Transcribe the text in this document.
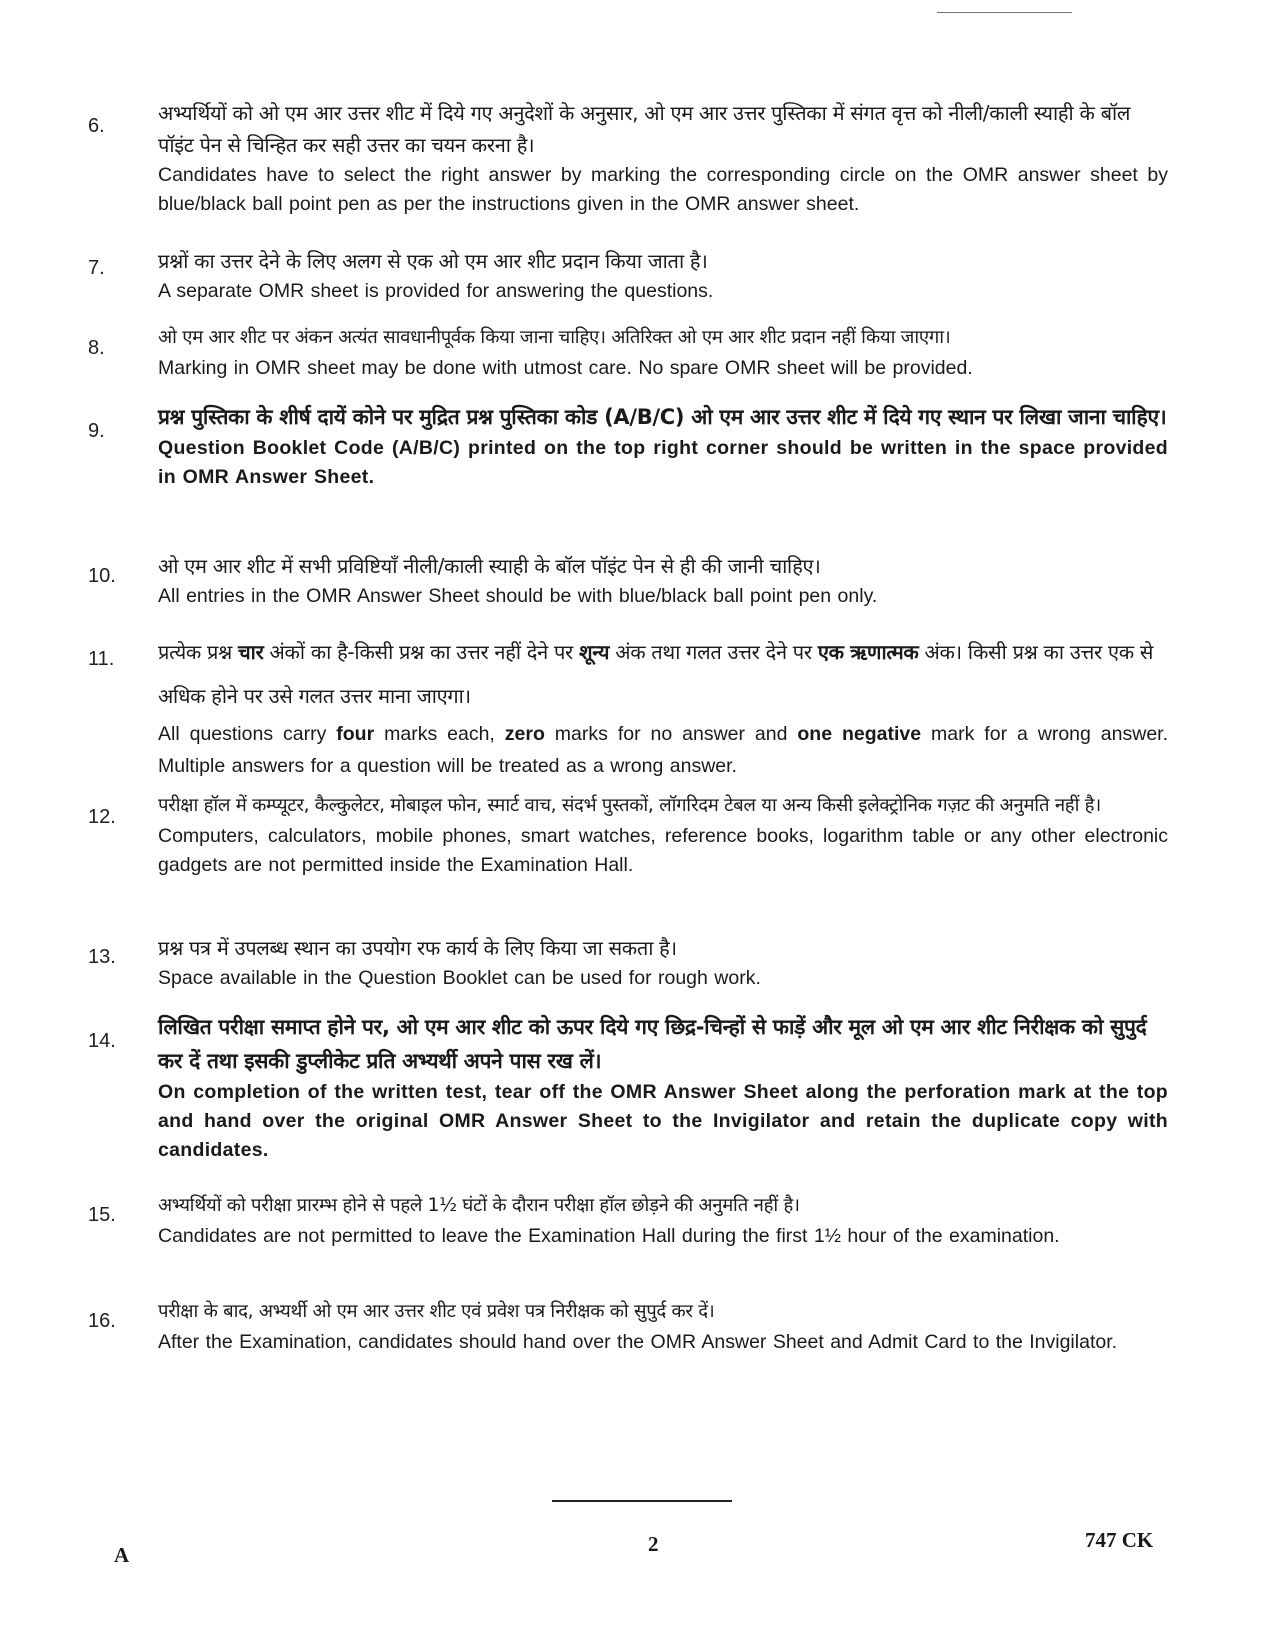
6.
अभ्यर्थियों को ओ एम आर उत्तर शीट में दिये गए अनुदेशों के अनुसार, ओ एम आर उत्तर पुस्तिका में संगत वृत्त को नीली/काली स्याही के बॉल पॉइंट पेन से चिन्हित कर सही उत्तर का चयन करना है।
Candidates have to select the right answer by marking the corresponding circle on the OMR answer sheet by blue/black ball point pen as per the instructions given in the OMR answer sheet.
7.	प्रश्नों का उत्तर देने के लिए अलग से एक ओ एम आर शीट प्रदान किया जाता है।
A separate OMR sheet is provided for answering the questions.
8.	ओ एम आर शीट पर अंकन अत्यंत सावधानीपूर्वक किया जाना चाहिए। अतिरिक्त ओ एम आर शीट प्रदान नहीं किया जाएगा।
Marking in OMR sheet may be done with utmost care. No spare OMR sheet will be provided.
9.
प्रश्न पुस्तिका के शीर्ष दायें कोने पर मुद्रित प्रश्न पुस्तिका कोड (A/B/C) ओ एम आर उत्तर शीट में दिये गए स्थान पर लिखा जाना चाहिए।
Question Booklet Code (A/B/C) printed on the top right corner should be written in the space provided in OMR Answer Sheet.
10. ओ एम आर शीट में सभी प्रविष्टियाँ नीली/काली स्याही के बॉल पॉइंट पेन से ही की जानी चाहिए।
All entries in the OMR Answer Sheet should be with blue/black ball point pen only.
11. प्रत्येक प्रश्न चार अंकों का है-किसी प्रश्न का उत्तर नहीं देने पर शून्य अंक तथा गलत उत्तर देने पर एक ऋणात्मक अंक। किसी प्रश्न का उत्तर एक से अधिक होने पर उसे गलत उत्तर माना जाएगा।
All questions carry four marks each, zero marks for no answer and one negative mark for a wrong answer. Multiple answers for a question will be treated as a wrong answer.
12.
परीक्षा हॉल में कम्प्यूटर, कैल्कुलेटर, मोबाइल फोन, स्मार्ट वाच, संदर्भ पुस्तकों, लॉगरिदम टेबल या अन्य किसी इलेक्ट्रोनिक गज़ट की अनुमति नहीं है।
Computers, calculators, mobile phones, smart watches, reference books, logarithm table or any other electronic gadgets are not permitted inside the Examination Hall.
13. प्रश्न पत्र में उपलब्ध स्थान का उपयोग रफ कार्य के लिए किया जा सकता है।
Space available in the Question Booklet can be used for rough work.
14.
लिखित परीक्षा समाप्त होने पर, ओ एम आर शीट को ऊपर दिये गए छिद्र-चिन्हों से फाड़ें और मूल ओ एम आर शीट निरीक्षक को सुपुर्द कर दें तथा इसकी डुप्लीकेट प्रति अभ्यर्थी अपने पास रख लें।
On completion of the written test, tear off the OMR Answer Sheet along the perforation mark at the top and hand over the original OMR Answer Sheet to the Invigilator and retain the duplicate copy with candidates.
15. अभ्यर्थियों को परीक्षा प्रारम्भ होने से पहले 1½ घंटों के दौरान परीक्षा हॉल छोड़ने की अनुमति नहीं है।
Candidates are not permitted to leave the Examination Hall during the first 1½ hour of the examination.
16. परीक्षा के बाद, अभ्यर्थी ओ एम आर उत्तर शीट एवं प्रवेश पत्र निरीक्षक को सुपुर्द कर दें।
After the Examination, candidates should hand over the OMR Answer Sheet and Admit Card to the Invigilator.
A	2	747 CK
